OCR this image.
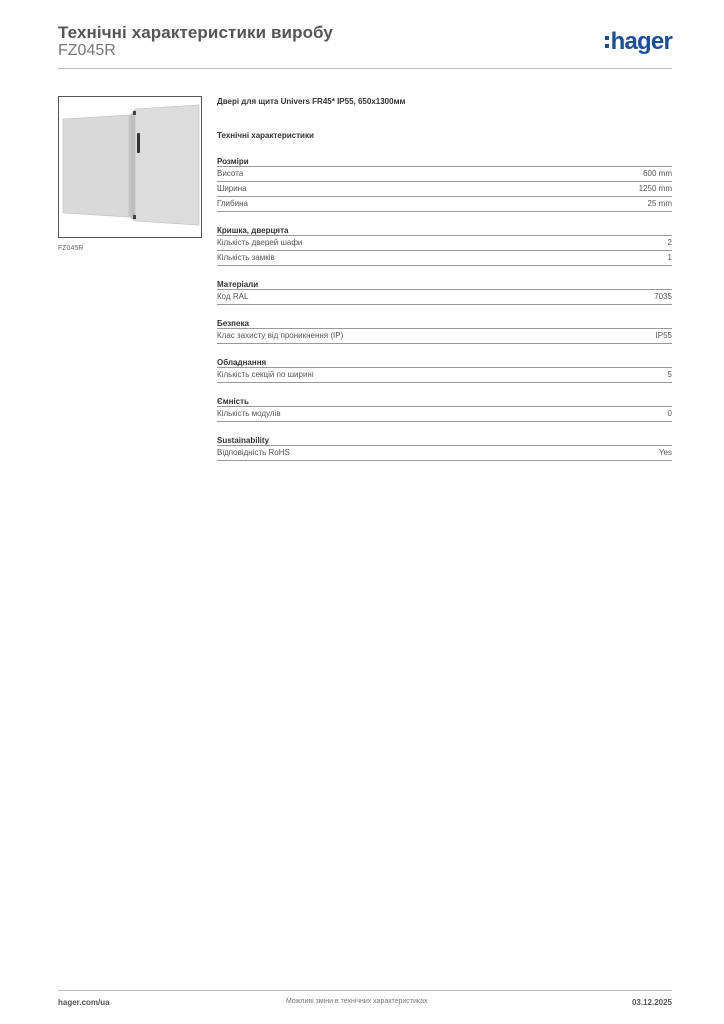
Технічні характеристики виробу
FZ045R	hager
FZ045R
Двері для щита Univers FR45* IP55, 650x1300мм
Технічні характеристики
Розміри
Висота	600 mm
Ширина	1250 mm
Глибина	25 mm
Кришка, дверцята
Кількість дверей шафи	2
Кількість замків	1
Матеріали
Код RAL	7035
Безпека
Клас захисту від проникнення (IP)	IP55
Обладнання
Кількість секцій по ширині	5
Ємність
Кількість модулів	0
Sustainability
Відповідність RoHS	Yes
hager.com/ua	Можливі зміни в технічних характеристиках	03.12.2025
